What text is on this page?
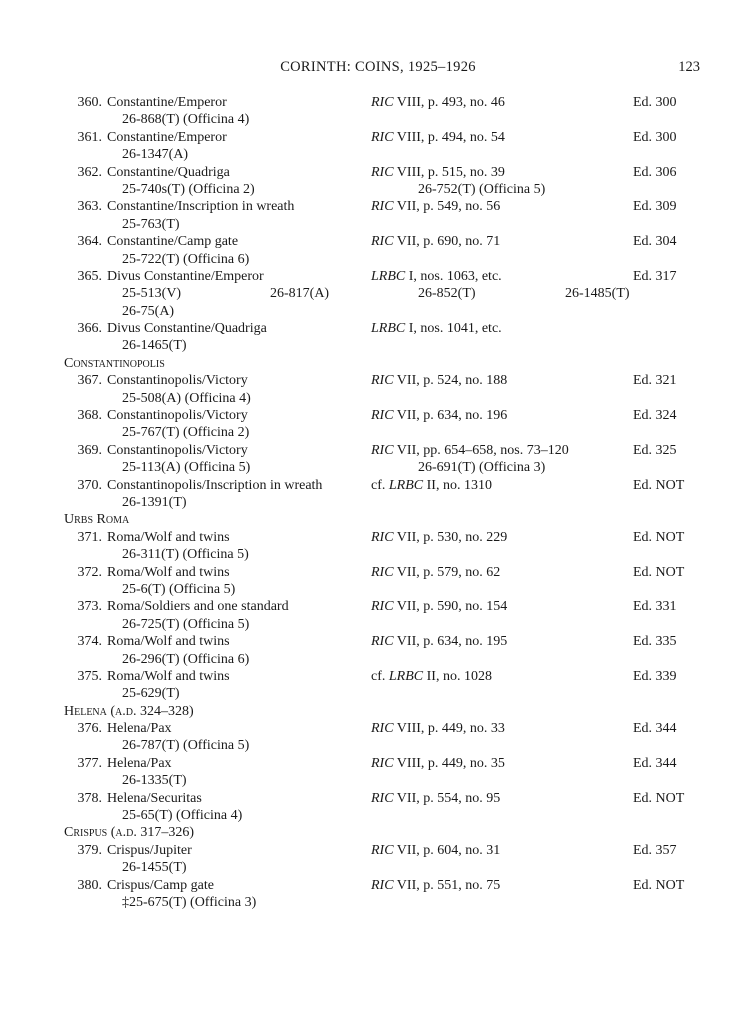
CORINTH: COINS, 1925–1926	123
360. Constantine/Emperor	RIC VIII, p. 493, no. 46	Ed. 300
26-868(T) (Officina 4)
361. Constantine/Emperor	RIC VIII, p. 494, no. 54	Ed. 300
26-1347(A)
362. Constantine/Quadriga	RIC VIII, p. 515, no. 39	Ed. 306
25-740s(T) (Officina 2)	26-752(T) (Officina 5)
363. Constantine/Inscription in wreath	RIC VII, p. 549, no. 56	Ed. 309
25-763(T)
364. Constantine/Camp gate	RIC VII, p. 690, no. 71	Ed. 304
25-722(T) (Officina 6)
365. Divus Constantine/Emperor	LRBC I, nos. 1063, etc.	Ed. 317
25-513(V)	26-817(A)	26-852(T)	26-1485(T)
26-75(A)
366. Divus Constantine/Quadriga	LRBC I, nos. 1041, etc.
26-1465(T)
Constantinopolis
367. Constantinopolis/Victory	RIC VII, p. 524, no. 188	Ed. 321
25-508(A) (Officina 4)
368. Constantinopolis/Victory	RIC VII, p. 634, no. 196	Ed. 324
25-767(T) (Officina 2)
369. Constantinopolis/Victory	RIC VII, pp. 654–658, nos. 73–120	Ed. 325
25-113(A) (Officina 5)	26-691(T) (Officina 3)
370. Constantinopolis/Inscription in wreath	cf. LRBC II, no. 1310	Ed. NOT
26-1391(T)
Urbs Roma
371. Roma/Wolf and twins	RIC VII, p. 530, no. 229	Ed. NOT
26-311(T) (Officina 5)
372. Roma/Wolf and twins	RIC VII, p. 579, no. 62	Ed. NOT
25-6(T) (Officina 5)
373. Roma/Soldiers and one standard	RIC VII, p. 590, no. 154	Ed. 331
26-725(T) (Officina 5)
374. Roma/Wolf and twins	RIC VII, p. 634, no. 195	Ed. 335
26-296(T) (Officina 6)
375. Roma/Wolf and twins	cf. LRBC II, no. 1028	Ed. 339
25-629(T)
Helena (a.d. 324–328)
376. Helena/Pax	RIC VIII, p. 449, no. 33	Ed. 344
26-787(T) (Officina 5)
377. Helena/Pax	RIC VIII, p. 449, no. 35	Ed. 344
26-1335(T)
378. Helena/Securitas	RIC VII, p. 554, no. 95	Ed. NOT
25-65(T) (Officina 4)
Crispus (a.d. 317–326)
379. Crispus/Jupiter	RIC VII, p. 604, no. 31	Ed. 357
26-1455(T)
380. Crispus/Camp gate	RIC VII, p. 551, no. 75	Ed. NOT
‡25-675(T) (Officina 3)
